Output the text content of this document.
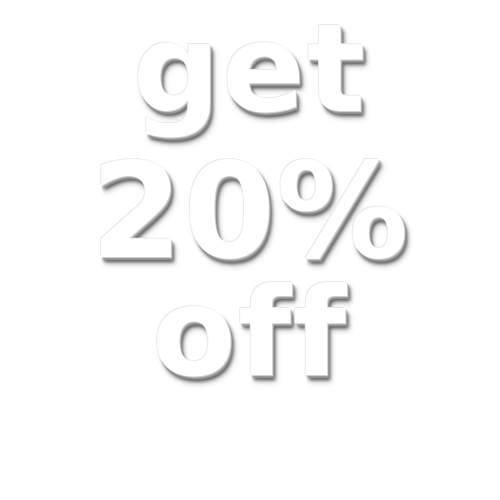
get
20%
off
